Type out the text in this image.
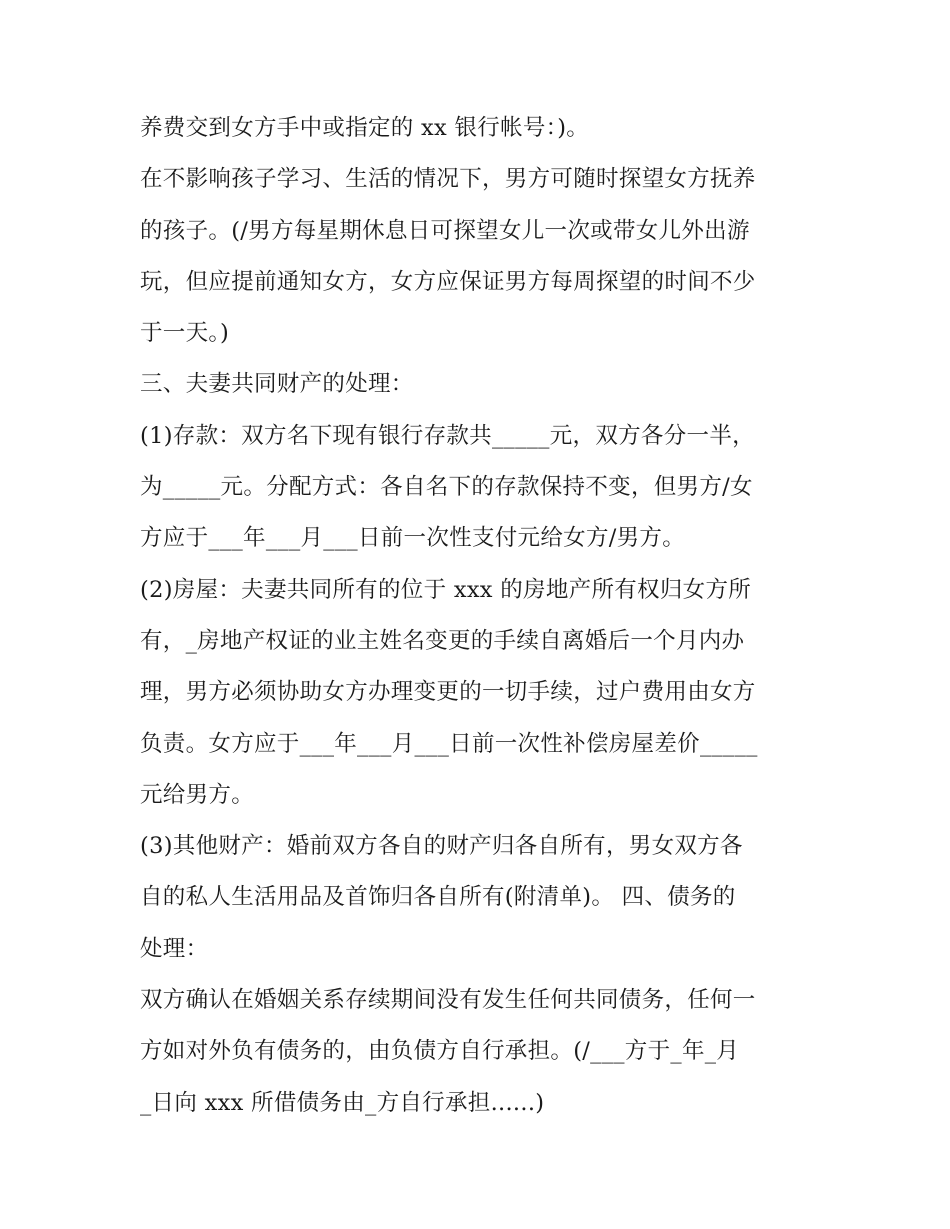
养费交到女方手中或指定的 xx 银行帐号：)。
在不影响孩子学习、生活的情况下，男方可随时探望女方抚养
的孩子。(/男方每星期休息日可探望女儿一次或带女儿外出游
玩，但应提前通知女方，女方应保证男方每周探望的时间不少
于一天。)
三、夫妻共同财产的处理：
(1)存款：双方名下现有银行存款共_____元，双方各分一半，
为_____元。分配方式：各自名下的存款保持不变，但男方/女
方应于___年___月___日前一次性支付元给女方/男方。
(2)房屋：夫妻共同所有的位于 xxx 的房地产所有权归女方所
有，_房地产权证的业主姓名变更的手续自离婚后一个月内办
理，男方必须协助女方办理变更的一切手续，过户费用由女方
负责。女方应于___年___月___日前一次性补偿房屋差价_____
元给男方。
(3)其他财产：婚前双方各自的财产归各自所有，男女双方各
自的私人生活用品及首饰归各自所有(附清单)。 四、债务的
处理：
双方确认在婚姻关系存续期间没有发生任何共同债务，任何一
方如对外负有债务的，由负债方自行承担。(/___方于_年_月
_日向 xxx 所借债务由_方自行承担......)
